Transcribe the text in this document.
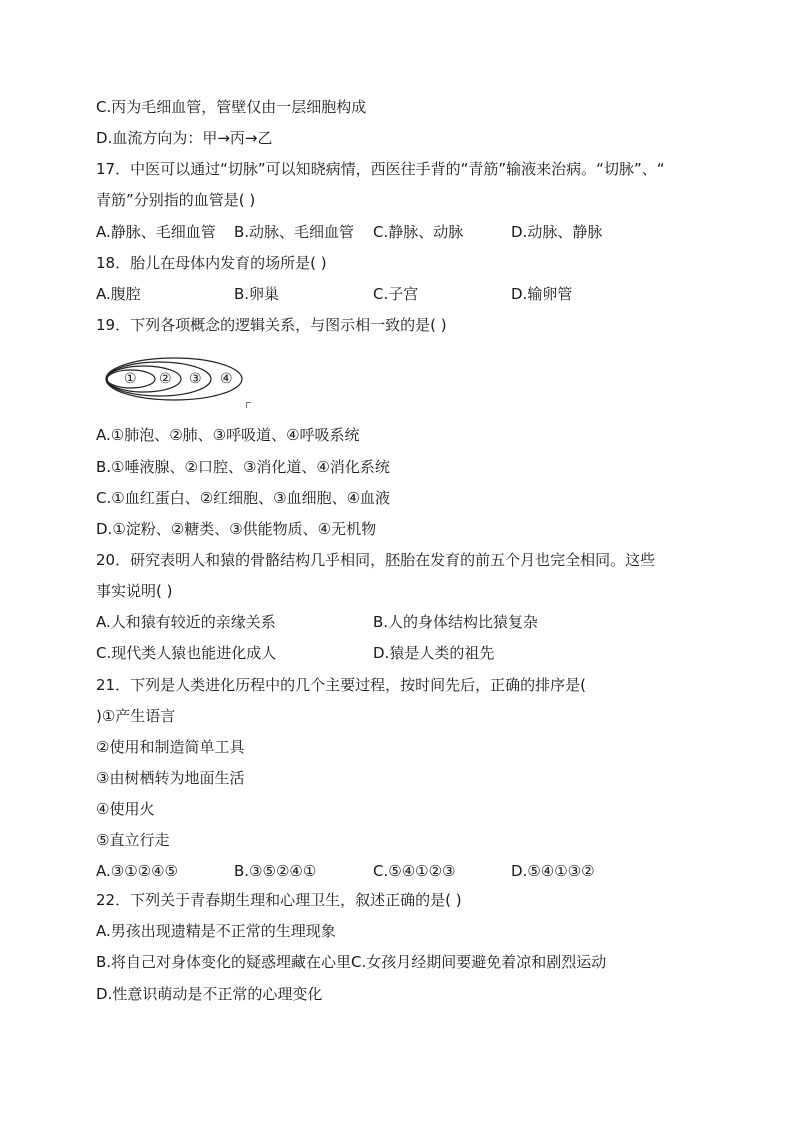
C.丙为毛细血管，管壁仅由一层细胞构成
D.血流方向为：甲→丙→乙
17．中医可以通过“切脉”可以知晓病情，西医往手背的“青筋”输液来治病。“切脉”、“
青筋”分别指的血管是( )
A.静脉、毛细血管 B.动脉、毛细血管 C.静脉、动脉	D.动脉、静脉
18．胎儿在母体内发育的场所是( )
A.腹腔	B.卵巢	C.子宫	D.输卵管
19．下列各项概念的逻辑关系，与图示相一致的是( )
① ② ③ ④
A.①肺泡、②肺、③呼吸道、④呼吸系统
B.①唾液腺、②口腔、③消化道、④消化系统
C.①血红蛋白、②红细胞、③血细胞、④血液
D.①淀粉、②糖类、③供能物质、④无机物
20．研究表明人和猿的骨骼结构几乎相同，胚胎在发育的前五个月也完全相同。这些
事实说明( )
A.人和猿有较近的亲缘关系	B.人的身体结构比猿复杂
C.现代类人猿也能进化成人	D.猿是人类的祖先
21．下列是人类进化历程中的几个主要过程，按时间先后，正确的排序是(
)①产生语言
②使用和制造简单工具
③由树栖转为地面生活
④使用火
⑤直立行走
A.③①②④⑤	B.③⑤②④①	C.⑤④①②③	D.⑤④①③②
22．下列关于青春期生理和心理卫生，叙述正确的是( )
A.男孩出现遗精是不正常的生理现象
B.将自己对身体变化的疑惑埋藏在心里C.女孩月经期间要避免着凉和剧烈运动
D.性意识萌动是不正常的心理变化
